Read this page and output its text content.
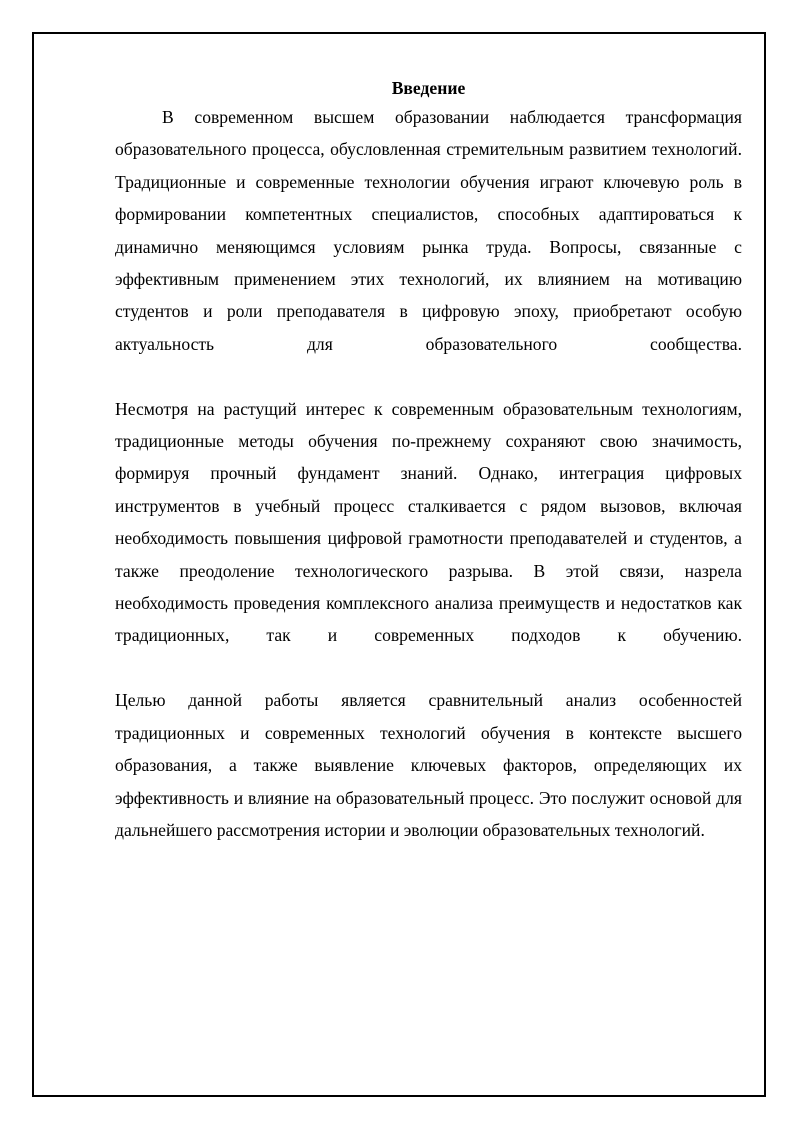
Введение

В современном высшем образовании наблюдается трансформация образовательного процесса, обусловленная стремительным развитием технологий. Традиционные и современные технологии обучения играют ключевую роль в формировании компетентных специалистов, способных адаптироваться к динамично меняющимся условиям рынка труда. Вопросы, связанные с эффективным применением этих технологий, их влиянием на мотивацию студентов и роли преподавателя в цифровую эпоху, приобретают особую актуальность для образовательного сообщества.

Несмотря на растущий интерес к современным образовательным технологиям, традиционные методы обучения по-прежнему сохраняют свою значимость, формируя прочный фундамент знаний. Однако, интеграция цифровых инструментов в учебный процесс сталкивается с рядом вызовов, включая необходимость повышения цифровой грамотности преподавателей и студентов, а также преодоление технологического разрыва. В этой связи, назрела необходимость проведения комплексного анализа преимуществ и недостатков как традиционных, так и современных подходов к обучению.

Целью данной работы является сравнительный анализ особенностей традиционных и современных технологий обучения в контексте высшего образования, а также выявление ключевых факторов, определяющих их эффективность и влияние на образовательный процесс. Это послужит основой для дальнейшего рассмотрения истории и эволюции образовательных технологий.
